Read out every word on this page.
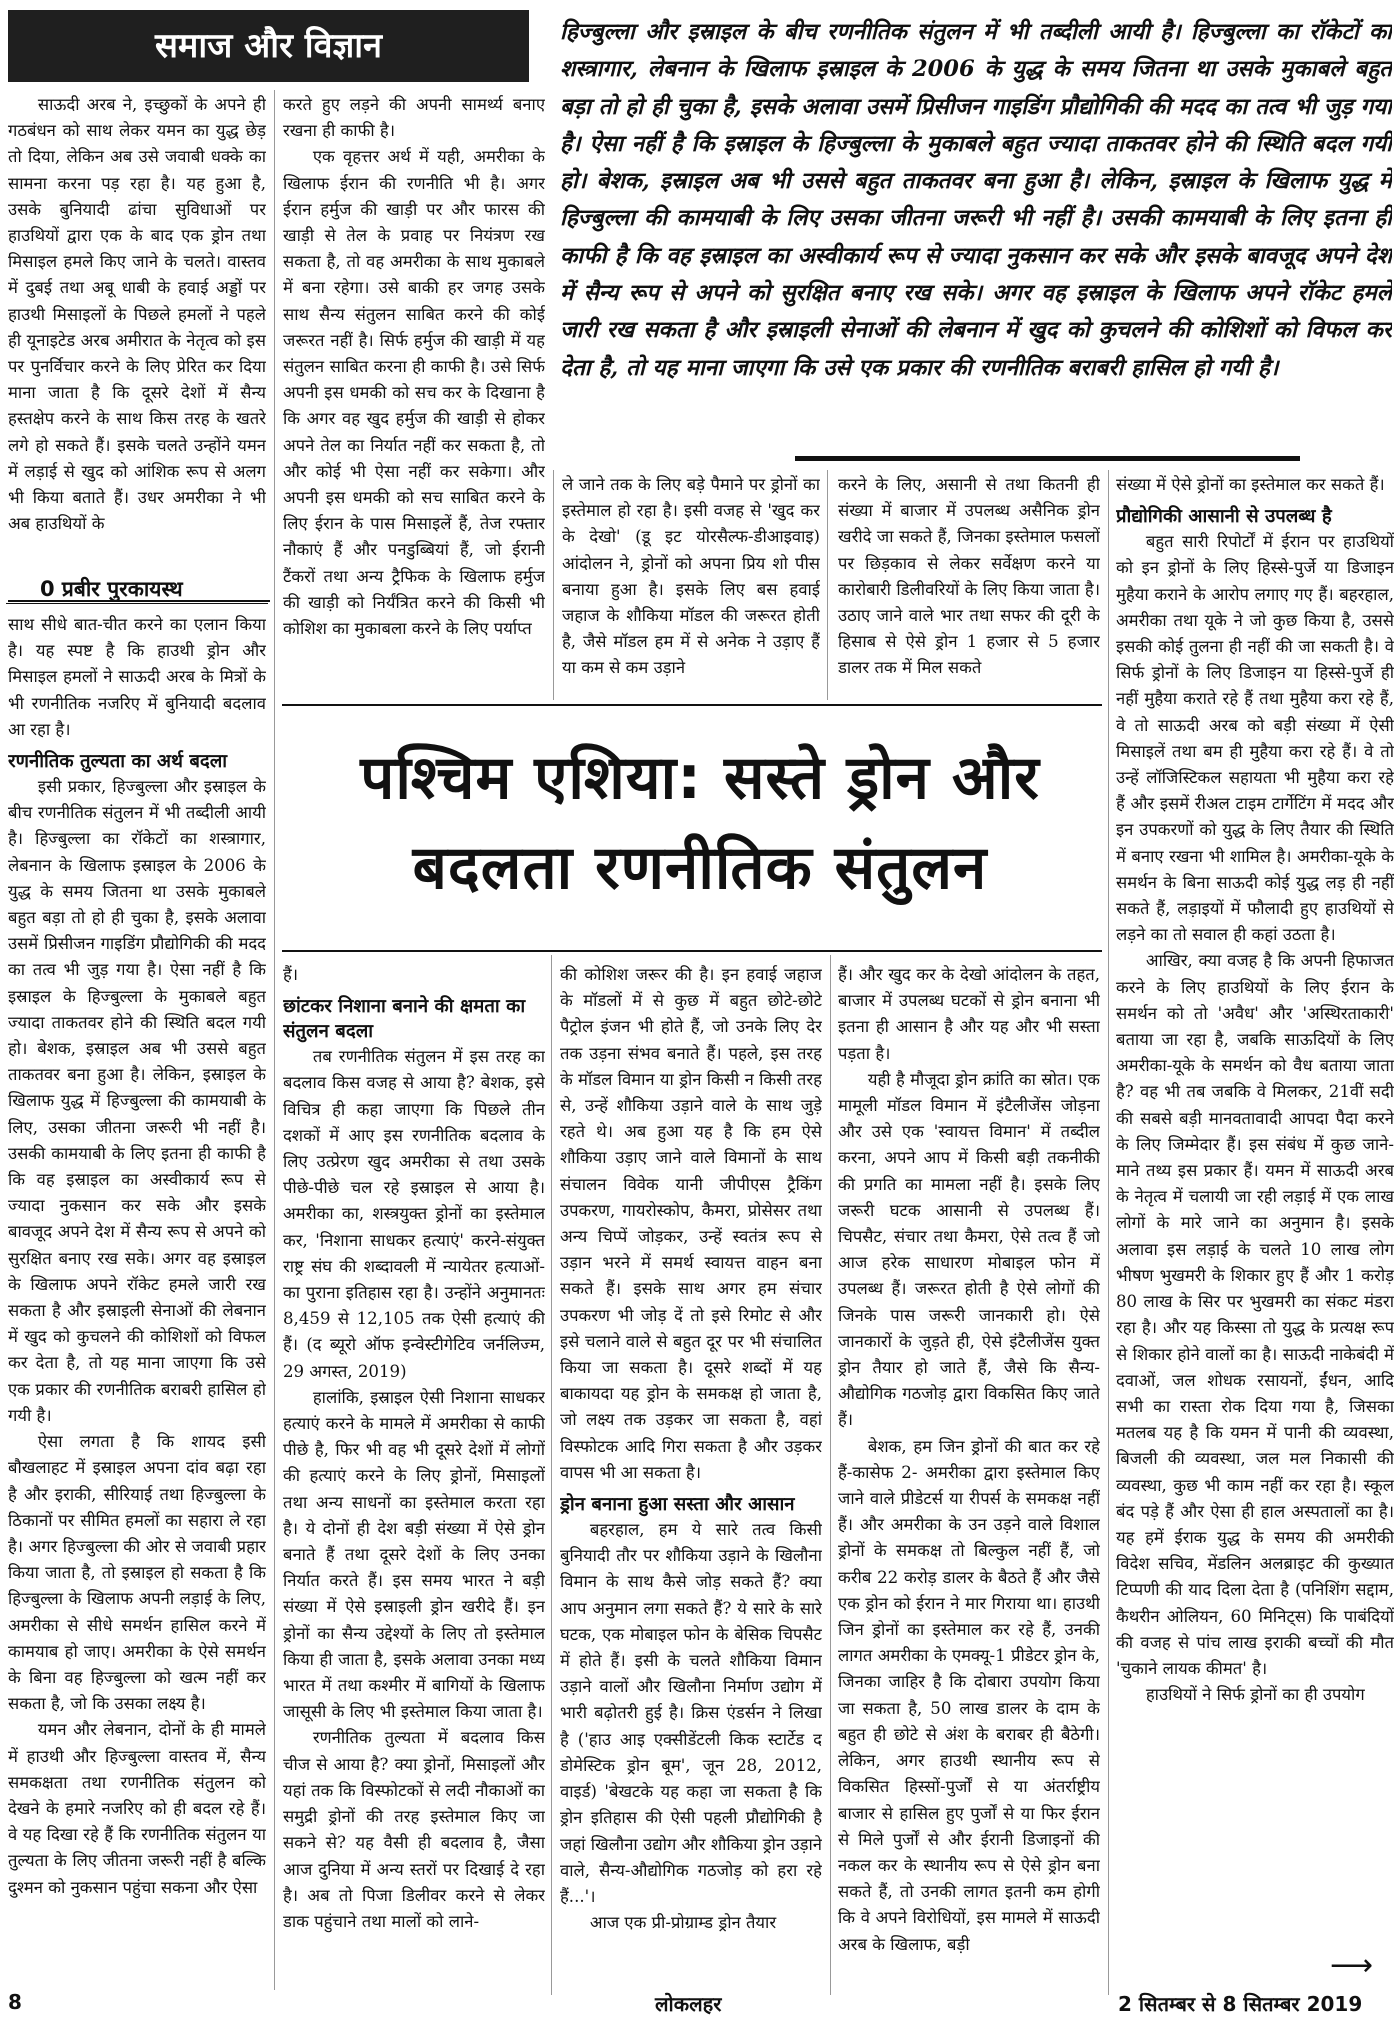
समाज और विज्ञान	हिज्बुल्ला और इस्राइल के बीच रणनीतिक संतुलन में भी तब्दीली आयी है। हिज्बुल्ला का रॉकेटों का शस्त्रागार, लेबनान के खिलाफ इस्राइल के 2006 के युद्ध के समय जितना था उसके मुकाबले बहुत बड़ा तो हो ही चुका है, इसके अलावा उसमें प्रिसीजन गाइडिंग प्रौद्योगिकी की मदद का तत्व भी जुड़ गया है। ऐसा नहीं है कि इस्राइल के हिज्बुल्ला के मुकाबले बहुत ज्यादा ताकतवर होने की स्थिति बदल गयी हो। बेशक, इस्राइल अब भी उससे बहुत ताकतवर बना हुआ है। लेकिन, इस्राइल के खिलाफ युद्ध में हिज्बुल्ला की कामयाबी के लिए उसका जीतना जरूरी भी नहीं है। उसकी कामयाबी के लिए इतना ही काफी है कि वह इस्राइल का अस्वीकार्य रूप से ज्यादा नुकसान कर सके और इसके बावजूद अपने देश में सैन्य रूप से अपने को सुरक्षित बनाए रख सके। अगर वह इस्राइल के खिलाफ अपने रॉकेट हमले जारी रख सकता है और इस्राइली सेनाओं की लेबनान में खुद को कुचलने की कोशिशों को विफल कर देता है, तो यह माना जाएगा कि उसे एक प्रकार की रणनीतिक बराबरी हासिल हो गयी है।
0 प्रबीर पुरकायस्थ
पश्चिम एशिया: सस्ते ड्रोन और
बदलता रणनीतिक संतुलन

साऊदी अरब ने, इच्छुकों के अपने ही गठबंधन को साथ लेकर यमन का युद्ध छेड़ तो दिया, लेकिन अब उसे जवाबी धक्के का सामना करना पड़ रहा है। यह हुआ है, उसके बुनियादी ढांचा सुविधाओं पर हाउथियों द्वारा एक के बाद एक ड्रोन तथा मिसाइल हमले किए जाने के चलते। वास्तव में दुबई तथा अबू धाबी के हवाई अड्डों पर हाउथी मिसाइलों के पिछले हमलों ने पहले ही यूनाइटेड अरब अमीरात के नेतृत्व को इस पर पुनर्विचार करने के लिए प्रेरित कर दिया माना जाता है कि दूसरे देशों में सैन्य हस्तक्षेप करने के साथ किस तरह के खतरे लगे हो सकते हैं। इसके चलते उन्होंने यमन में लड़ाई से खुद को आंशिक रूप से अलग भी किया बताते हैं। उधर अमरीका ने भी अब हाउथियों के

साथ सीधे बात-चीत करने का एलान किया है। यह स्पष्ट है कि हाउथी ड्रोन और मिसाइल हमलों ने साऊदी अरब के मित्रों के भी रणनीतिक नजरिए में बुनियादी बदलाव आ रहा है।

रणनीतिक तुल्यता का अर्थ बदला

इसी प्रकार, हिज्बुल्ला और इस्राइल के बीच रणनीतिक संतुलन में भी तब्दीली आयी है। हिज्बुल्ला का रॉकेटों का शस्त्रागार, लेबनान के खिलाफ इस्राइल के 2006 के युद्ध के समय जितना था उसके मुकाबले बहुत बड़ा तो हो ही चुका है, इसके अलावा उसमें प्रिसीजन गाइडिंग प्रौद्योगिकी की मदद का तत्व भी जुड़ गया है। ऐसा नहीं है कि इस्राइल के हिज्बुल्ला के मुकाबले बहुत ज्यादा ताकतवर होने की स्थिति बदल गयी हो। बेशक, इस्राइल अब भी उससे बहुत ताकतवर बना हुआ है। लेकिन, इस्राइल के खिलाफ युद्ध में हिज्बुल्ला की कामयाबी के लिए, उसका जीतना जरूरी भी नहीं है। उसकी कामयाबी के लिए इतना ही काफी है कि वह इस्राइल का अस्वीकार्य रूप से ज्यादा नुकसान कर सके और इसके बावजूद अपने देश में सैन्य रूप से अपने को सुरक्षित बनाए रख सके। अगर वह इस्राइल के खिलाफ अपने रॉकेट हमले जारी रख सकता है और इस्राइली सेनाओं की लेबनान में खुद को कुचलने की कोशिशों को विफल कर देता है, तो यह माना जाएगा कि उसे एक प्रकार की रणनीतिक बराबरी हासिल हो गयी है।

ऐसा लगता है कि शायद इसी बौखलाहट में इस्राइल अपना दांव बढ़ा रहा है और इराकी, सीरियाई तथा हिज्बुल्ला के ठिकानों पर सीमित हमलों का सहारा ले रहा है। अगर हिज्बुल्ला की ओर से जवाबी प्रहार किया जाता है, तो इस्राइल हो सकता है कि हिज्बुल्ला के खिलाफ अपनी लड़ाई के लिए, अमरीका से सीधे समर्थन हासिल करने में कामयाब हो जाए। अमरीका के ऐसे समर्थन के बिना वह हिज्बुल्ला को खत्म नहीं कर सकता है, जो कि उसका लक्ष्य है।

यमन और लेबनान, दोनों के ही मामले में हाउथी और हिज्बुल्ला वास्तव में, सैन्य समकक्षता तथा रणनीतिक संतुलन को देखने के हमारे नजरिए को ही बदल रहे हैं। वे यह दिखा रहे हैं कि रणनीतिक संतुलन या तुल्यता के लिए जीतना जरूरी नहीं है बल्कि दुश्मन को नुकसान पहुंचा सकना और ऐसा

करते हुए लड़ने की अपनी सामर्थ्य बनाए रखना ही काफी है।

एक वृहत्तर अर्थ में यही, अमरीका के खिलाफ ईरान की रणनीति भी है। अगर ईरान हर्मुज की खाड़ी पर और फारस की खाड़ी से तेल के प्रवाह पर नियंत्रण रख सकता है, तो वह अमरीका के साथ मुकाबले में बना रहेगा। उसे बाकी हर जगह उसके साथ सैन्य संतुलन साबित करने की कोई जरूरत नहीं है। सिर्फ हर्मुज की खाड़ी में यह संतुलन साबित करना ही काफी है। उसे सिर्फ अपनी इस धमकी को सच कर के दिखाना है कि अगर वह खुद हर्मुज की खाड़ी से होकर अपने तेल का निर्यात नहीं कर सकता है, तो और कोई भी ऐसा नहीं कर सकेगा। और अपनी इस धमकी को सच साबित करने के लिए ईरान के पास मिसाइलें हैं, तेज रफ्तार नौकाएं हैं और पनडुब्बियां हैं, जो ईरानी टैंकरों तथा अन्य ट्रैफिक के खिलाफ हर्मुज की खाड़ी को निर्यंत्रित करने की किसी भी कोशिश का मुकाबला करने के लिए पर्याप्त

ले जाने तक के लिए बड़े पैमाने पर ड्रोनों का इस्तेमाल हो रहा है। इसी वजह से 'खुद कर के देखो' (डू इट योरसैल्फ-डीआइवाइ) आंदोलन ने, ड्रोनों को अपना प्रिय शो पीस बनाया हुआ है। इसके लिए बस हवाई जहाज के शौकिया मॉडल की जरूरत होती है, जैसे मॉडल हम में से अनेक ने उड़ाए हैं या कम से कम उड़ाने

करने के लिए, असानी से तथा कितनी ही संख्या में बाजार में उपलब्ध असैनिक ड्रोन खरीदे जा सकते हैं, जिनका इस्तेमाल फसलों पर छिड़काव से लेकर सर्वेक्षण करने या कारोबारी डिलीवरियों के लिए किया जाता है। उठाए जाने वाले भार तथा सफर की दूरी के हिसाब से ऐसे ड्रोन 1 हजार से 5 हजार डालर तक में मिल सकते

हैं।

छांटकर निशाना बनाने की क्षमता का संतुलन बदला

तब रणनीतिक संतुलन में इस तरह का बदलाव किस वजह से आया है? बेशक, इसे विचित्र ही कहा जाएगा कि पिछले तीन दशकों में आए इस रणनीतिक बदलाव के लिए उत्प्रेरण खुद अमरीका से तथा उसके पीछे-पीछे चल रहे इस्राइल से आया है। अमरीका का, शस्त्रयुक्त ड्रोनों का इस्तेमाल कर, 'निशाना साधकर हत्याएं' करने-संयुक्त राष्ट्र संघ की शब्दावली में न्यायेतर हत्याओं-का पुराना इतिहास रहा है। उन्होंने अनुमानतः 8,459 से 12,105 तक ऐसी हत्याएं की हैं। (द ब्यूरो ऑफ इन्वेस्टीगेटिव जर्नलिज्म, 29 अगस्त, 2019)

हालांकि, इस्राइल ऐसी निशाना साधकर हत्याएं करने के मामले में अमरीका से काफी पीछे है, फिर भी वह भी दूसरे देशों में लोगों की हत्याएं करने के लिए ड्रोनों, मिसाइलों तथा अन्य साधनों का इस्तेमाल करता रहा है। ये दोनों ही देश बड़ी संख्या में ऐसे ड्रोन बनाते हैं तथा दूसरे देशों के लिए उनका निर्यात करते हैं। इस समय भारत ने बड़ी संख्या में ऐसे इस्राइली ड्रोन खरीदे हैं। इन ड्रोनों का सैन्य उद्देश्यों के लिए तो इस्तेमाल किया ही जाता है, इसके अलावा उनका मध्य भारत में तथा कश्मीर में बागियों के खिलाफ जासूसी के लिए भी इस्तेमाल किया जाता है।

रणनीतिक तुल्यता में बदलाव किस चीज से आया है? क्या ड्रोनों, मिसाइलों और यहां तक कि विस्फोटकों से लदी नौकाओं का समुद्री ड्रोनों की तरह इस्तेमाल किए जा सकने से? यह वैसी ही बदलाव है, जैसा आज दुनिया में अन्य स्तरों पर दिखाई दे रहा है। अब तो पिजा डिलीवर करने से लेकर डाक पहुंचाने तथा मालों को लाने-

की कोशिश जरूर की है। इन हवाई जहाज के मॉडलों में से कुछ में बहुत छोटे-छोटे पैट्रोल इंजन भी होते हैं, जो उनके लिए देर तक उड़ना संभव बनाते हैं। पहले, इस तरह के मॉडल विमान या ड्रोन किसी न किसी तरह से, उन्हें शौकिया उड़ाने वाले के साथ जुड़े रहते थे। अब हुआ यह है कि हम ऐसे शौकिया उड़ाए जाने वाले विमानों के साथ संचालन विवेक यानी जीपीएस ट्रैकिंग उपकरण, गायरोस्कोप, कैमरा, प्रोसेसर तथा अन्य चिप्पें जोड़कर, उन्हें स्वतंत्र रूप से उड़ान भरने में समर्थ स्वायत्त वाहन बना सकते हैं। इसके साथ अगर हम संचार उपकरण भी जोड़ दें तो इसे रिमोट से और इसे चलाने वाले से बहुत दूर पर भी संचालित किया जा सकता है। दूसरे शब्दों में यह बाकायदा यह ड्रोन के समकक्ष हो जाता है, जो लक्ष्य तक उड़कर जा सकता है, वहां विस्फोटक आदि गिरा सकता है और उड़कर वापस भी आ सकता है।

ड्रोन बनाना हुआ सस्ता और आसान

बहरहाल, हम ये सारे तत्व किसी बुनियादी तौर पर शौकिया उड़ाने के खिलौना विमान के साथ कैसे जोड़ सकते हैं? क्या आप अनुमान लगा सकते हैं? ये सारे के सारे घटक, एक मोबाइल फोन के बेसिक चिपसैट में होते हैं। इसी के चलते शौकिया विमान उड़ाने वालों और खिलौना निर्माण उद्योग में भारी बढ़ोतरी हुई है। क्रिस एंडर्सन ने लिखा है ('हाउ आइ एक्सीडेंटली किक स्टार्टेड द डोमेस्टिक ड्रोन बूम', जून 28, 2012, वाइर्ड) 'बेखटके यह कहा जा सकता है कि ड्रोन इतिहास की ऐसी पहली प्रौद्योगिकी है जहां खिलौना उद्योग और शौकिया ड्रोन उड़ाने वाले, सैन्य-औद्योगिक गठजोड़ को हरा रहे हैं...'।

आज एक प्री-प्रोग्राम्ड ड्रोन तैयार

हैं। और खुद कर के देखो आंदोलन के तहत, बाजार में उपलब्ध घटकों से ड्रोन बनाना भी इतना ही आसान है और यह और भी सस्ता पड़ता है।

यही है मौजूदा ड्रोन क्रांति का स्रोत। एक मामूली मॉडल विमान में इंटैलीजेंस जोड़ना और उसे एक 'स्वायत्त विमान' में तब्दील करना, अपने आप में किसी बड़ी तकनीकी की प्रगति का मामला नहीं है। इसके लिए जरूरी घटक आसानी से उपलब्ध हैं। चिपसैट, संचार तथा कैमरा, ऐसे तत्व हैं जो आज हरेक साधारण मोबाइल फोन में उपलब्ध हैं। जरूरत होती है ऐसे लोगों की जिनके पास जरूरी जानकारी हो। ऐसे जानकारों के जुड़ते ही, ऐसे इंटैलीजेंस युक्त ड्रोन तैयार हो जाते हैं, जैसे कि सैन्य-औद्योगिक गठजोड़ द्वारा विकसित किए जाते हैं।

बेशक, हम जिन ड्रोनों की बात कर रहे हैं-कासेफ 2- अमरीका द्वारा इस्तेमाल किए जाने वाले प्रीडेटर्स या रीपर्स के समकक्ष नहीं हैं। और अमरीका के उन उड़ने वाले विशाल ड्रोनों के समकक्ष तो बिल्कुल नहीं हैं, जो करीब 22 करोड़ डालर के बैठते हैं और जैसे एक ड्रोन को ईरान ने मार गिराया था। हाउथी जिन ड्रोनों का इस्तेमाल कर रहे हैं, उनकी लागत अमरीका के एमक्यू-1 प्रीडेटर ड्रोन के, जिनका जाहिर है कि दोबारा उपयोग किया जा सकता है, 50 लाख डालर के दाम के बहुत ही छोटे से अंश के बराबर ही बैठेगी। लेकिन, अगर हाउथी स्थानीय रूप से विकसित हिस्सों-पुर्जों से या अंतर्राष्ट्रीय बाजार से हासिल हुए पुर्जों से या फिर ईरान से मिले पुर्जों से और ईरानी डिजाइनों की नकल कर के स्थानीय रूप से ऐसे ड्रोन बना सकते हैं, तो उनकी लागत इतनी कम होगी कि वे अपने विरोधियों, इस मामले में साऊदी अरब के खिलाफ, बड़ी

संख्या में ऐसे ड्रोनों का इस्तेमाल कर सकते हैं।

प्रौद्योगिकी आसानी से उपलब्ध है

बहुत सारी रिपोर्टों में ईरान पर हाउथियों को इन ड्रोनों के लिए हिस्से-पुर्जे या डिजाइन मुहैया कराने के आरोप लगाए गए हैं। बहरहाल, अमरीका तथा यूके ने जो कुछ किया है, उससे इसकी कोई तुलना ही नहीं की जा सकती है। वे सिर्फ ड्रोनों के लिए डिजाइन या हिस्से-पुर्जे ही नहीं मुहैया कराते रहे हैं तथा मुहैया करा रहे हैं, वे तो साऊदी अरब को बड़ी संख्या में ऐसी मिसाइलें तथा बम ही मुहैया करा रहे हैं। वे तो उन्हें लॉजिस्टिकल सहायता भी मुहैया करा रहे हैं और इसमें रीअल टाइम टार्गेटिंग में मदद और इन उपकरणों को युद्ध के लिए तैयार की स्थिति में बनाए रखना भी शामिल है। अमरीका-यूके के समर्थन के बिना साऊदी कोई युद्ध लड़ ही नहीं सकते हैं, लड़ाइयों में फौलादी हुए हाउथियों से लड़ने का तो सवाल ही कहां उठता है।

आखिर, क्या वजह है कि अपनी हिफाजत करने के लिए हाउथियों के लिए ईरान के समर्थन को तो 'अवैध' और 'अस्थिरताकारी' बताया जा रहा है, जबकि साऊदियों के लिए अमरीका-यूके के समर्थन को वैध बताया जाता है? वह भी तब जबकि वे मिलकर, 21वीं सदी की सबसे बड़ी मानवतावादी आपदा पैदा करने के लिए जिम्मेदार हैं। इस संबंध में कुछ जाने-माने तथ्य इस प्रकार हैं। यमन में साऊदी अरब के नेतृत्व में चलायी जा रही लड़ाई में एक लाख लोगों के मारे जाने का अनुमान है। इसके अलावा इस लड़ाई के चलते 10 लाख लोग भीषण भुखमरी के शिकार हुए हैं और 1 करोड़ 80 लाख के सिर पर भुखमरी का संकट मंडरा रहा है। और यह किस्सा तो युद्ध के प्रत्यक्ष रूप से शिकार होने वालों का है। साऊदी नाकेबंदी में दवाओं, जल शोधक रसायनों, ईंधन, आदि सभी का रास्ता रोक दिया गया है, जिसका मतलब यह है कि यमन में पानी की व्यवस्था, बिजली की व्यवस्था, जल मल निकासी की व्यवस्था, कुछ भी काम नहीं कर रहा है। स्कूल बंद पड़े हैं और ऐसा ही हाल अस्पतालों का है। यह हमें ईराक युद्ध के समय की अमरीकी विदेश सचिव, मेंडलिन अलब्राइट की कुख्यात टिप्पणी की याद दिला देता है (पनिशिंग सद्दाम, कैथरीन ओलियन, 60 मिनिट्स) कि पाबंदियों की वजह से पांच लाख इराकी बच्चों की मौत 'चुकाने लायक कीमत' है।

हाउथियों ने सिर्फ ड्रोनों का ही उपयोग

⟶
8	लोकलहर	2 सितम्बर से 8 सितम्बर 2019
